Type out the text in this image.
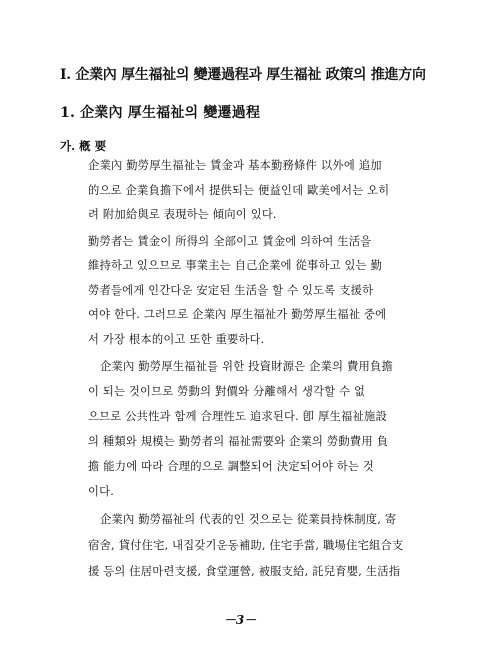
Ⅰ. 企業內 厚生福祉의 變遷過程과 厚生福祉 政策의 推進方向
1. 企業內 厚生福祉의 變遷過程
가. 槪 要
企業內 勤勞厚生福祉는 賃金과 基本勤務條件 以外에 追加
的으로 企業負擔下에서 提供되는 便益인데 歐美에서는 오히
려 附加給與로 表現하는 傾向이 있다.
勤勞者는 賃金이 所得의 全部이고 賃金에 의하여 生活을
維持하고 있으므로 事業主는 自己企業에 從事하고 있는 勤
勞者들에게 인간다운 安定된 生活을 할 수 있도록 支援하
여야 한다. 그러므로 企業內 厚生福祉가 勤勞厚生福祉 중에
서 가장 根本的이고 또한 重要하다.
企業內 勤勞厚生福祉를 위한 投資財源은 企業의 費用負擔
이 되는 것이므로 勞動의 對價와 分離해서 생각할 수 없
으므로 公共性과 함께 合理性도 追求된다. 卽 厚生福祉施設
의 種類와 規模는 勤勞者의 福祉需要와 企業의 勞動費用 負
擔 能力에 따라 合理的으로 調整되어 決定되어야 하는 것
이다.
企業內 勤勞福祉의 代表的인 것으로는 從業員持株制度, 寄
宿舍, 貸付住宅, 내집갖기운동補助, 住宅手當, 職場住宅組合支
援 등의 住居마련支援, 食堂運營, 被服支給, 託兒育嬰, 生活指
－3－
